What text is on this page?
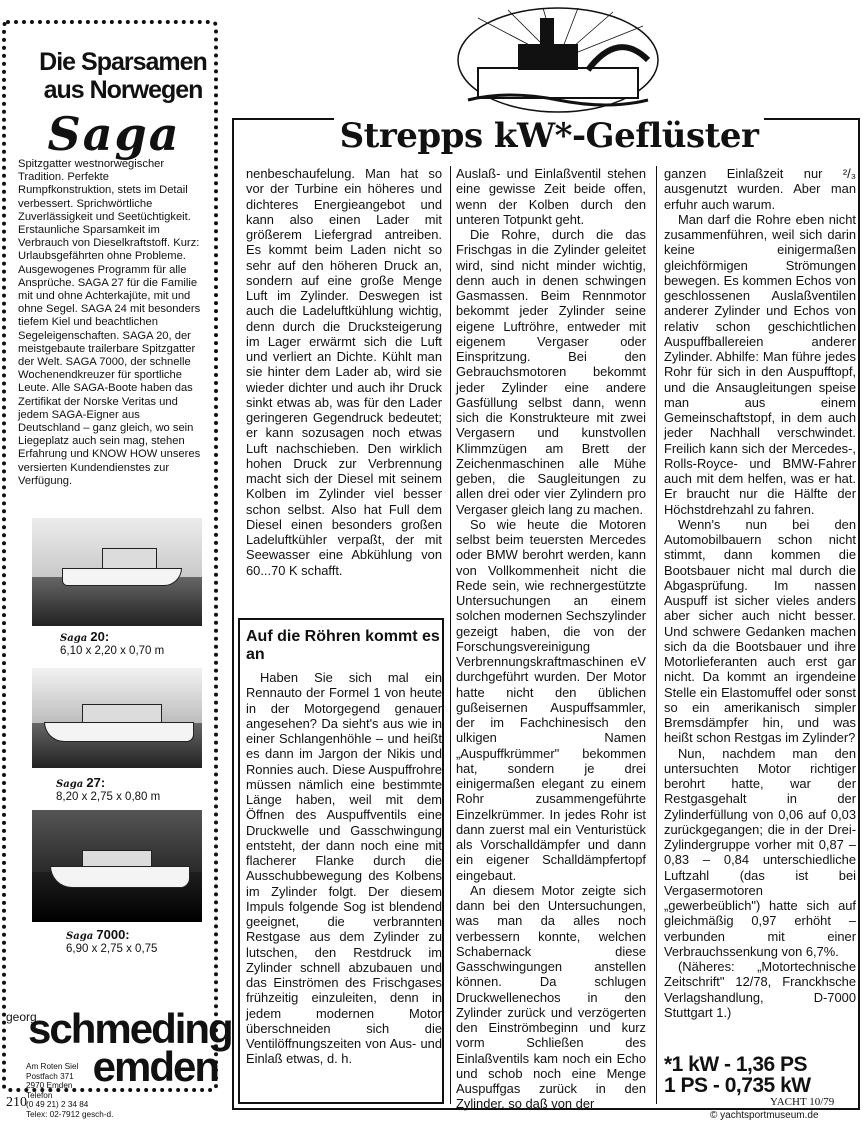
Die Sparsamen aus Norwegen
Saga

Spitzgatter westnorwegischer Tradition. Perfekte Rumpfkonstruktion, stets im Detail verbessert. Sprichwörtliche Zuverlässigkeit und Seetüchtigkeit. Erstaunliche Sparsamkeit im Verbrauch von Dieselkraftstoff. Kurz: Urlaubsgefährten ohne Probleme.

Ausgewogenes Programm für alle Ansprüche. SAGA 27 für die Familie mit und ohne Achterkajüte, mit und ohne Segel. SAGA 24 mit besonders tiefem Kiel und beachtlichen Segeleigenschaften. SAGA 20, der meistgebaute trailerbare Spitzgatter der Welt. SAGA 7000, der schnelle Wochenendkreuzer für sportliche Leute. Alle SAGA-Boote haben das Zertifikat der Norske Veritas und jedem SAGA-Eigner aus Deutschland – ganz gleich, wo sein Liegeplatz auch sein mag, stehen Erfahrung und KNOW HOW unseres versierten Kundendienstes zur Verfügung.

Saga 20:
6,10 x 2,20 x 0,70 m
Saga 27:
8,20 x 2,75 x 0,80 m
Saga 7000:
6,90 x 2,75 x 0,75
georg
schmeding
emden
Am Roten Siel
Postfach 371
2970 Emden
Telefon
(0 49 21) 2 34 84
Telex: 02-7912 gesch-d.
210
Strepps kW*-Geflüster

nenbeschaufelung. Man hat so vor der Turbine ein höheres und dichteres Energieangebot und kann also einen Lader mit größerem Liefergrad antreiben. Es kommt beim Laden nicht so sehr auf den höheren Druck an, sondern auf eine große Menge Luft im Zylinder. Deswegen ist auch die Ladeluftkühlung wichtig, denn durch die Drucksteigerung im Lager erwärmt sich die Luft und verliert an Dichte. Kühlt man sie hinter dem Lader ab, wird sie wieder dichter und auch ihr Druck sinkt etwas ab, was für den Lader geringeren Gegendruck bedeutet; er kann sozusagen noch etwas Luft nachschieben. Den wirklich hohen Druck zur Verbrennung macht sich der Diesel mit seinem Kolben im Zylinder viel besser schon selbst. Also hat Full dem Diesel einen besonders großen Ladeluftkühler verpaßt, der mit Seewasser eine Abkühlung von 60...70 K schafft.

Auf die Röhren kommt es an

Haben Sie sich mal ein Rennauto der Formel 1 von heute in der Motorgegend genauer angesehen? Da sieht's aus wie in einer Schlangenhöhle – und heißt es dann im Jargon der Nikis und Ronnies auch. Diese Auspuffrohre müssen nämlich eine bestimmte Länge haben, weil mit dem Öffnen des Auspuffventils eine Druckwelle und Gasschwingung entsteht, der dann noch eine mit flacherer Flanke durch die Ausschubbewegung des Kolbens im Zylinder folgt. Der diesem Impuls folgende Sog ist blendend geeignet, die verbrannten Restgase aus dem Zylinder zu lutschen, den Restdruck im Zylinder schnell abzubauen und das Einströmen des Frischgases frühzeitig einzuleiten, denn in jedem modernen Motor überschneiden sich die Ventilöffnungszeiten von Aus- und Einlaß etwas, d. h.

Auslaß- und Einlaßventil stehen eine gewisse Zeit beide offen, wenn der Kolben durch den unteren Totpunkt geht.

Die Rohre, durch die das Frischgas in die Zylinder geleitet wird, sind nicht minder wichtig, denn auch in denen schwingen Gasmassen. Beim Rennmotor bekommt jeder Zylinder seine eigene Luftröhre, entweder mit eigenem Vergaser oder Einspritzung. Bei den Gebrauchsmotoren bekommt jeder Zylinder eine andere Gasfüllung selbst dann, wenn sich die Konstrukteure mit zwei Vergasern und kunstvollen Klimmzügen am Brett der Zeichenmaschinen alle Mühe geben, die Saugleitungen zu allen drei oder vier Zylindern pro Vergaser gleich lang zu machen.

So wie heute die Motoren selbst beim teuersten Mercedes oder BMW berohrt werden, kann von Vollkommenheit nicht die Rede sein, wie rechnergestützte Untersuchungen an einem solchen modernen Sechszylinder gezeigt haben, die von der Forschungsvereinigung Verbrennungskraftmaschinen eV durchgeführt wurden. Der Motor hatte nicht den üblichen gußeisernen Auspuffsammler, der im Fachchinesisch den ulkigen Namen „Auspuffkrümmer" bekommen hat, sondern je drei einigermaßen elegant zu einem Rohr zusammengeführte Einzelkrümmer. In jedes Rohr ist dann zuerst mal ein Venturistück als Vorschalldämpfer und dann ein eigener Schalldämpfertopf eingebaut.

An diesem Motor zeigte sich dann bei den Untersuchungen, was man da alles noch verbessern konnte, welchen Schabernack diese Gasschwingungen anstellen können. Da schlugen Druckwellenechos in den Zylinder zurück und verzögerten den Einströmbeginn und kurz vorm Schließen des Einlaßventils kam noch ein Echo und schob noch eine Menge Auspuffgas zurück in den Zylinder, so daß von der

ganzen Einlaßzeit nur ²/₃ ausgenutzt wurden. Aber man erfuhr auch warum.

Man darf die Rohre eben nicht zusammenführen, weil sich darin keine einigermaßen gleichförmigen Strömungen bewegen. Es kommen Echos von geschlossenen Auslaßventilen anderer Zylinder und Echos von relativ schon geschichtlichen Auspuffballereien anderer Zylinder. Abhilfe: Man führe jedes Rohr für sich in den Auspufftopf, und die Ansaugleitungen speise man aus einem Gemeinschaftstopf, in dem auch jeder Nachhall verschwindet. Freilich kann sich der Mercedes-, Rolls-Royce- und BMW-Fahrer auch mit dem helfen, was er hat. Er braucht nur die Hälfte der Höchstdrehzahl zu fahren.

Wenn's nun bei den Automobilbauern schon nicht stimmt, dann kommen die Bootsbauer nicht mal durch die Abgasprüfung. Im nassen Auspuff ist sicher vieles anders aber sicher auch nicht besser. Und schwere Gedanken machen sich da die Bootsbauer und ihre Motorlieferanten auch erst gar nicht. Da kommt an irgendeine Stelle ein Elastomuffel oder sonst so ein amerikanisch simpler Bremsdämpfer hin, und was heißt schon Restgas im Zylinder?

Nun, nachdem man den untersuchten Motor richtiger berohrt hatte, war der Restgasgehalt in der Zylinderfüllung von 0,06 auf 0,03 zurückgegangen; die in der Drei-Zylindergruppe vorher mit 0,87 – 0,83 – 0,84 unterschiedliche Luftzahl (das ist bei Vergasermotoren „gewerbeüblich") hatte sich auf gleichmäßig 0,97 erhöht – verbunden mit einer Verbrauchssenkung von 6,7%.

(Näheres: „Motortechnische Zeitschrift" 12/78, Franckhsche Verlagshandlung, D-7000 Stuttgart 1.)

*1 kW - 1,36 PS
1 PS - 0,735 kW
YACHT 10/79
© yachtsportmuseum.de
